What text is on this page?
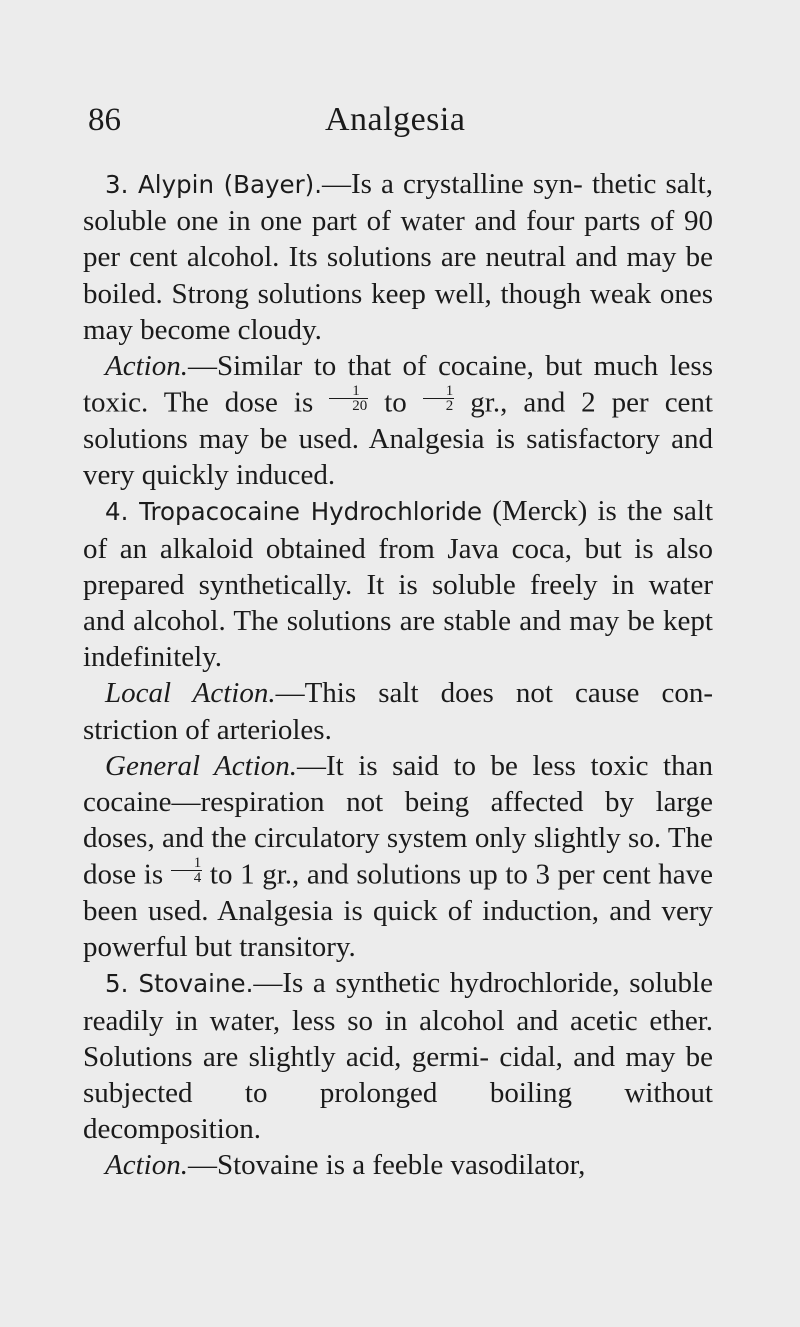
86	Analgesia

3. Alypin (Bayer).—Is a crystalline syn- thetic salt, soluble one in one part of water and four parts of 90 per cent alcohol. Its solutions are neutral and may be boiled. Strong solutions keep well, though weak ones may become cloudy.

Action.—Similar to that of cocaine, but much less toxic. The dose is $\frac{1}{20}$ to $\frac{1}{2}$ gr., and 2 per cent solutions may be used. Analgesia is satisfactory and very quickly induced.

4. Tropacocaine Hydrochloride (Merck) is the salt of an alkaloid obtained from Java coca, but is also prepared synthetically. It is soluble freely in water and alcohol. The solutions are stable and may be kept indefinitely.

Local Action.—This salt does not cause con- striction of arterioles.

General Action.—It is said to be less toxic than cocaine—respiration not being affected by large doses, and the circulatory system only slightly so. The dose is $\frac{1}{4}$ to 1 gr., and solutions up to 3 per cent have been used. Analgesia is quick of induction, and very powerful but transitory.

5. Stovaine.—Is a synthetic hydrochloride, soluble readily in water, less so in alcohol and acetic ether. Solutions are slightly acid, germi- cidal, and may be subjected to prolonged boiling without decomposition.

Action.—Stovaine is a feeble vasodilator,
